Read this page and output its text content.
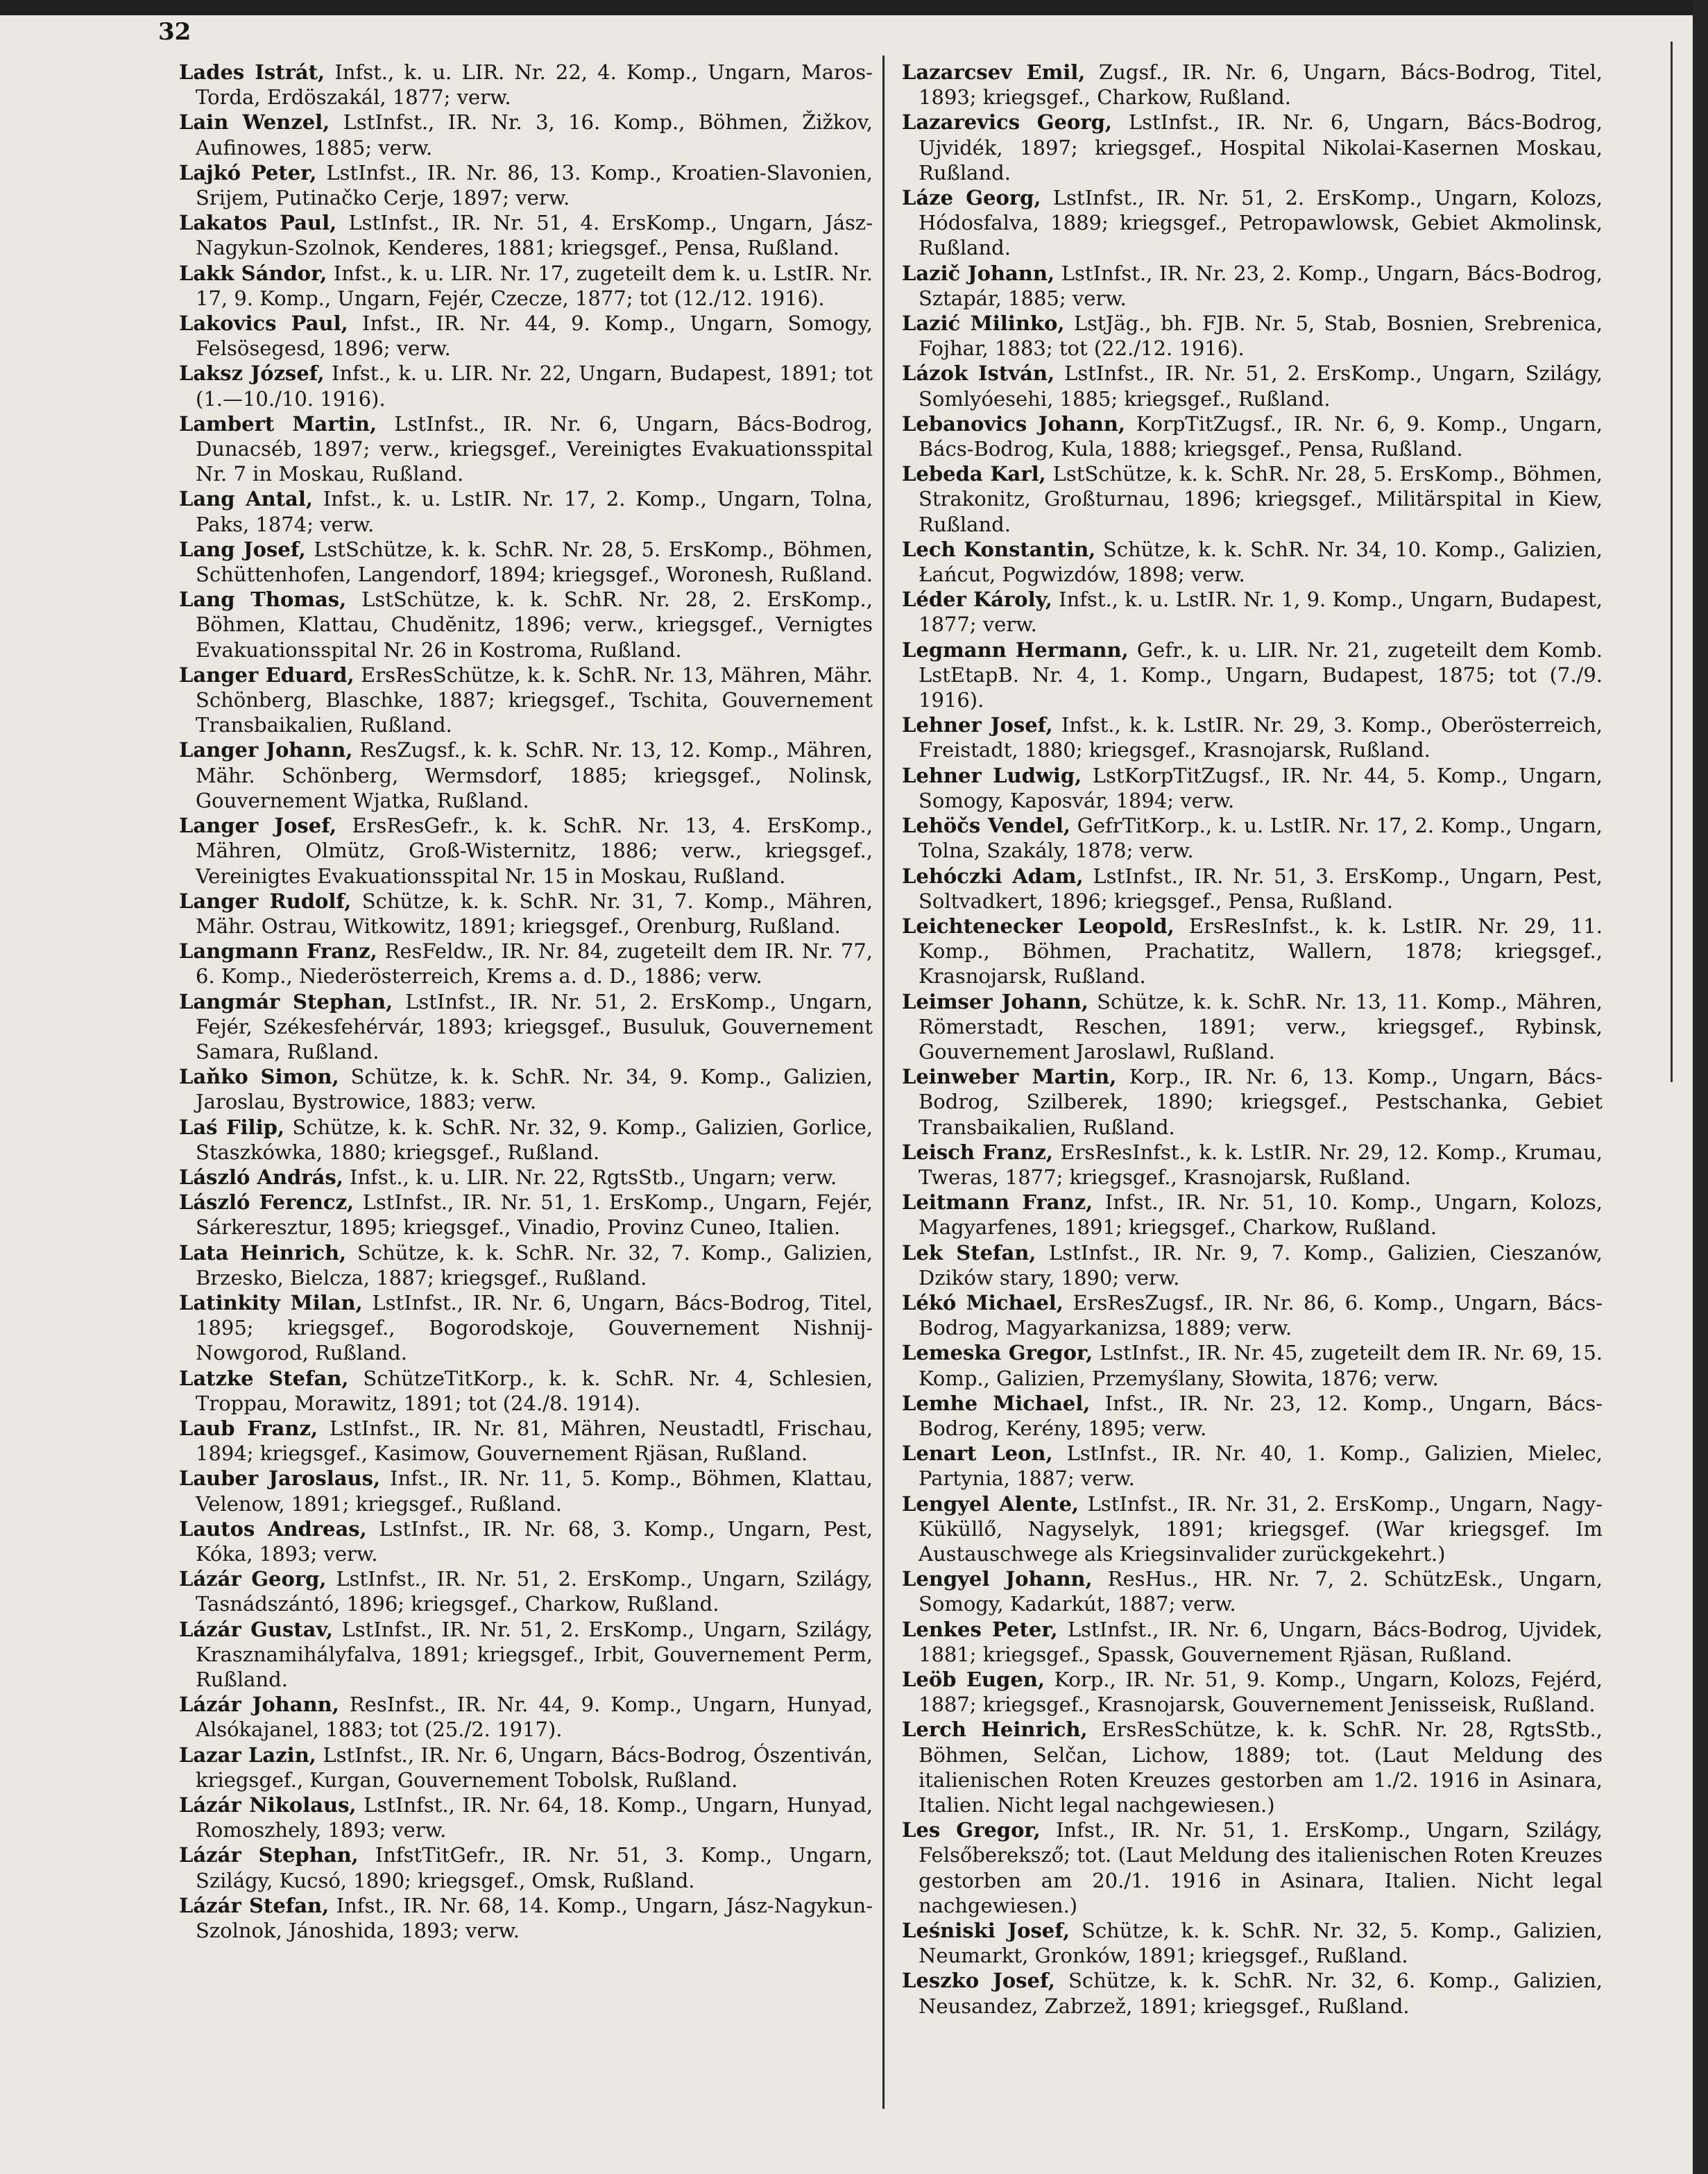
32

Lades Istrát, Infst., k. u. LIR. Nr. 22, 4. Komp., Ungarn, Maros-Torda, Erdöszakál, 1877; verw.

Lain Wenzel, LstInfst., IR. Nr. 3, 16. Komp., Böhmen, Žižkov, Aufinowes, 1885; verw.

Lajkó Peter, LstInfst., IR. Nr. 86, 13. Komp., Kroatien-Slavonien, Srijem, Putinačko Cerje, 1897; verw.

Lakatos Paul, LstInfst., IR. Nr. 51, 4. ErsKomp., Ungarn, Jász-Nagykun-Szolnok, Kenderes, 1881; kriegsgef., Pensa, Rußland.

Lakk Sándor, Infst., k. u. LIR. Nr. 17, zugeteilt dem k. u. LstIR. Nr. 17, 9. Komp., Ungarn, Fejér, Czecze, 1877; tot (12./12. 1916).

Lakovics Paul, Infst., IR. Nr. 44, 9. Komp., Ungarn, Somogy, Felsösegesd, 1896; verw.

Laksz József, Infst., k. u. LIR. Nr. 22, Ungarn, Budapest, 1891; tot (1.—10./10. 1916).

Lambert Martin, LstInfst., IR. Nr. 6, Ungarn, Bács-Bodrog, Dunacséb, 1897; verw., kriegsgef., Vereinigtes Evakuationsspital Nr. 7 in Moskau, Rußland.

Lang Antal, Infst., k. u. LstIR. Nr. 17, 2. Komp., Ungarn, Tolna, Paks, 1874; verw.

Lang Josef, LstSchütze, k. k. SchR. Nr. 28, 5. ErsKomp., Böhmen, Schüttenhofen, Langendorf, 1894; kriegsgef., Woronesh, Rußland.

Lang Thomas, LstSchütze, k. k. SchR. Nr. 28, 2. ErsKomp., Böhmen, Klattau, Chudĕnitz, 1896; verw., kriegsgef., Vernigtes Evakuationsspital Nr. 26 in Kostroma, Rußland.

Langer Eduard, ErsResSchütze, k. k. SchR. Nr. 13, Mähren, Mähr. Schönberg, Blaschke, 1887; kriegsgef., Tschita, Gouvernement Transbaikalien, Rußland.

Langer Johann, ResZugsf., k. k. SchR. Nr. 13, 12. Komp., Mähren, Mähr. Schönberg, Wermsdorf, 1885; kriegsgef., Nolinsk, Gouvernement Wjatka, Rußland.

Langer Josef, ErsResGefr., k. k. SchR. Nr. 13, 4. ErsKomp., Mähren, Olmütz, Groß-Wisternitz, 1886; verw., kriegsgef., Vereinigtes Evakuationsspital Nr. 15 in Moskau, Rußland.

Langer Rudolf, Schütze, k. k. SchR. Nr. 31, 7. Komp., Mähren, Mähr. Ostrau, Witkowitz, 1891; kriegsgef., Orenburg, Rußland.

Langmann Franz, ResFeldw., IR. Nr. 84, zugeteilt dem IR. Nr. 77, 6. Komp., Niederösterreich, Krems a. d. D., 1886; verw.

Langmár Stephan, LstInfst., IR. Nr. 51, 2. ErsKomp., Ungarn, Fejér, Székesfehérvár, 1893; kriegsgef., Busuluk, Gouvernement Samara, Rußland.

Laňko Simon, Schütze, k. k. SchR. Nr. 34, 9. Komp., Galizien, Jaroslau, Bystrowice, 1883; verw.

Laś Filip, Schütze, k. k. SchR. Nr. 32, 9. Komp., Galizien, Gorlice, Staszkówka, 1880; kriegsgef., Rußland.

László András, Infst., k. u. LIR. Nr. 22, RgtsStb., Ungarn; verw.

László Ferencz, LstInfst., IR. Nr. 51, 1. ErsKomp., Ungarn, Fejér, Sárkeresztur, 1895; kriegsgef., Vinadio, Provinz Cuneo, Italien.

Lata Heinrich, Schütze, k. k. SchR. Nr. 32, 7. Komp., Galizien, Brzesko, Bielcza, 1887; kriegsgef., Rußland.

Latinkity Milan, LstInfst., IR. Nr. 6, Ungarn, Bács-Bodrog, Titel, 1895; kriegsgef., Bogorodskoje, Gouvernement Nishnij-Nowgorod, Rußland.

Latzke Stefan, SchützeTitKorp., k. k. SchR. Nr. 4, Schlesien, Troppau, Morawitz, 1891; tot (24./8. 1914).

Laub Franz, LstInfst., IR. Nr. 81, Mähren, Neustadtl, Frischau, 1894; kriegsgef., Kasimow, Gouvernement Rjäsan, Rußland.

Lauber Jaroslaus, Infst., IR. Nr. 11, 5. Komp., Böhmen, Klattau, Velenow, 1891; kriegsgef., Rußland.

Lautos Andreas, LstInfst., IR. Nr. 68, 3. Komp., Ungarn, Pest, Kóka, 1893; verw.

Lázár Georg, LstInfst., IR. Nr. 51, 2. ErsKomp., Ungarn, Szilágy, Tasnádszántó, 1896; kriegsgef., Charkow, Rußland.

Lázár Gustav, LstInfst., IR. Nr. 51, 2. ErsKomp., Ungarn, Szilágy, Krasznamihályfalva, 1891; kriegsgef., Irbit, Gouvernement Perm, Rußland.

Lázár Johann, ResInfst., IR. Nr. 44, 9. Komp., Ungarn, Hunyad, Alsókajanel, 1883; tot (25./2. 1917).

Lazar Lazin, LstInfst., IR. Nr. 6, Ungarn, Bács-Bodrog, Ószentiván, kriegsgef., Kurgan, Gouvernement Tobolsk, Rußland.

Lázár Nikolaus, LstInfst., IR. Nr. 64, 18. Komp., Ungarn, Hunyad, Romoszhely, 1893; verw.

Lázár Stephan, InfstTitGefr., IR. Nr. 51, 3. Komp., Ungarn, Szilágy, Kucsó, 1890; kriegsgef., Omsk, Rußland.

Lázár Stefan, Infst., IR. Nr. 68, 14. Komp., Ungarn, Jász-Nagykun-Szolnok, Jánoshida, 1893; verw.

Lazarcsev Emil, Zugsf., IR. Nr. 6, Ungarn, Bács-Bodrog, Titel, 1893; kriegsgef., Charkow, Rußland.

Lazarevics Georg, LstInfst., IR. Nr. 6, Ungarn, Bács-Bodrog, Ujvidék, 1897; kriegsgef., Hospital Nikolai-Kasernen Moskau, Rußland.

Láze Georg, LstInfst., IR. Nr. 51, 2. ErsKomp., Ungarn, Kolozs, Hódosfalva, 1889; kriegsgef., Petropawlowsk, Gebiet Akmolinsk, Rußland.

Lazič Johann, LstInfst., IR. Nr. 23, 2. Komp., Ungarn, Bács-Bodrog, Sztapár, 1885; verw.

Lazić Milinko, LstJäg., bh. FJB. Nr. 5, Stab, Bosnien, Srebrenica, Fojhar, 1883; tot (22./12. 1916).

Lázok István, LstInfst., IR. Nr. 51, 2. ErsKomp., Ungarn, Szilágy, Somlyóesehi, 1885; kriegsgef., Rußland.

Lebanovics Johann, KorpTitZugsf., IR. Nr. 6, 9. Komp., Ungarn, Bács-Bodrog, Kula, 1888; kriegsgef., Pensa, Rußland.

Lebeda Karl, LstSchütze, k. k. SchR. Nr. 28, 5. ErsKomp., Böhmen, Strakonitz, Großturnau, 1896; kriegsgef., Militärspital in Kiew, Rußland.

Lech Konstantin, Schütze, k. k. SchR. Nr. 34, 10. Komp., Galizien, Łańcut, Pogwizdów, 1898; verw.

Léder Károly, Infst., k. u. LstIR. Nr. 1, 9. Komp., Ungarn, Budapest, 1877; verw.

Legmann Hermann, Gefr., k. u. LIR. Nr. 21, zugeteilt dem Komb. LstEtapB. Nr. 4, 1. Komp., Ungarn, Budapest, 1875; tot (7./9. 1916).

Lehner Josef, Infst., k. k. LstIR. Nr. 29, 3. Komp., Oberösterreich, Freistadt, 1880; kriegsgef., Krasnojarsk, Rußland.

Lehner Ludwig, LstKorpTitZugsf., IR. Nr. 44, 5. Komp., Ungarn, Somogy, Kaposvár, 1894; verw.

Lehöčs Vendel, GefrTitKorp., k. u. LstIR. Nr. 17, 2. Komp., Ungarn, Tolna, Szakály, 1878; verw.

Lehóczki Adam, LstInfst., IR. Nr. 51, 3. ErsKomp., Ungarn, Pest, Soltvadkert, 1896; kriegsgef., Pensa, Rußland.

Leichtenecker Leopold, ErsResInfst., k. k. LstIR. Nr. 29, 11. Komp., Böhmen, Prachatitz, Wallern, 1878; kriegsgef., Krasnojarsk, Rußland.

Leimser Johann, Schütze, k. k. SchR. Nr. 13, 11. Komp., Mähren, Römerstadt, Reschen, 1891; verw., kriegsgef., Rybinsk, Gouvernement Jaroslawl, Rußland.

Leinweber Martin, Korp., IR. Nr. 6, 13. Komp., Ungarn, Bács-Bodrog, Szilberek, 1890; kriegsgef., Pestschanka, Gebiet Transbaikalien, Rußland.

Leisch Franz, ErsResInfst., k. k. LstIR. Nr. 29, 12. Komp., Krumau, Tweras, 1877; kriegsgef., Krasnojarsk, Rußland.

Leitmann Franz, Infst., IR. Nr. 51, 10. Komp., Ungarn, Kolozs, Magyarfenes, 1891; kriegsgef., Charkow, Rußland.

Lek Stefan, LstInfst., IR. Nr. 9, 7. Komp., Galizien, Cieszanów, Dzików stary, 1890; verw.

Lékó Michael, ErsResZugsf., IR. Nr. 86, 6. Komp., Ungarn, Bács-Bodrog, Magyarkanizsa, 1889; verw.

Lemeska Gregor, LstInfst., IR. Nr. 45, zugeteilt dem IR. Nr. 69, 15. Komp., Galizien, Przemyślany, Słowita, 1876; verw.

Lemhe Michael, Infst., IR. Nr. 23, 12. Komp., Ungarn, Bács-Bodrog, Kerény, 1895; verw.

Lenart Leon, LstInfst., IR. Nr. 40, 1. Komp., Galizien, Mielec, Partynia, 1887; verw.

Lengyel Alente, LstInfst., IR. Nr. 31, 2. ErsKomp., Ungarn, Nagy-Küküllő, Nagyselyk, 1891; kriegsgef. (War kriegsgef. Im Austauschwege als Kriegsinvalider zurückgekehrt.)

Lengyel Johann, ResHus., HR. Nr. 7, 2. SchützEsk., Ungarn, Somogy, Kadarkút, 1887; verw.

Lenkes Peter, LstInfst., IR. Nr. 6, Ungarn, Bács-Bodrog, Ujvidek, 1881; kriegsgef., Spassk, Gouvernement Rjäsan, Rußland.

Leöb Eugen, Korp., IR. Nr. 51, 9. Komp., Ungarn, Kolozs, Fejérd, 1887; kriegsgef., Krasnojarsk, Gouvernement Jenisseisk, Rußland.

Lerch Heinrich, ErsResSchütze, k. k. SchR. Nr. 28, RgtsStb., Böhmen, Selčan, Lichow, 1889; tot. (Laut Meldung des italienischen Roten Kreuzes gestorben am 1./2. 1916 in Asinara, Italien. Nicht legal nachgewiesen.)

Les Gregor, Infst., IR. Nr. 51, 1. ErsKomp., Ungarn, Szilágy, Felsőbereksző; tot. (Laut Meldung des italienischen Roten Kreuzes gestorben am 20./1. 1916 in Asinara, Italien. Nicht legal nachgewiesen.)

Leśniski Josef, Schütze, k. k. SchR. Nr. 32, 5. Komp., Galizien, Neumarkt, Gronków, 1891; kriegsgef., Rußland.

Leszko Josef, Schütze, k. k. SchR. Nr. 32, 6. Komp., Galizien, Neusandez, Zabrzež, 1891; kriegsgef., Rußland.
